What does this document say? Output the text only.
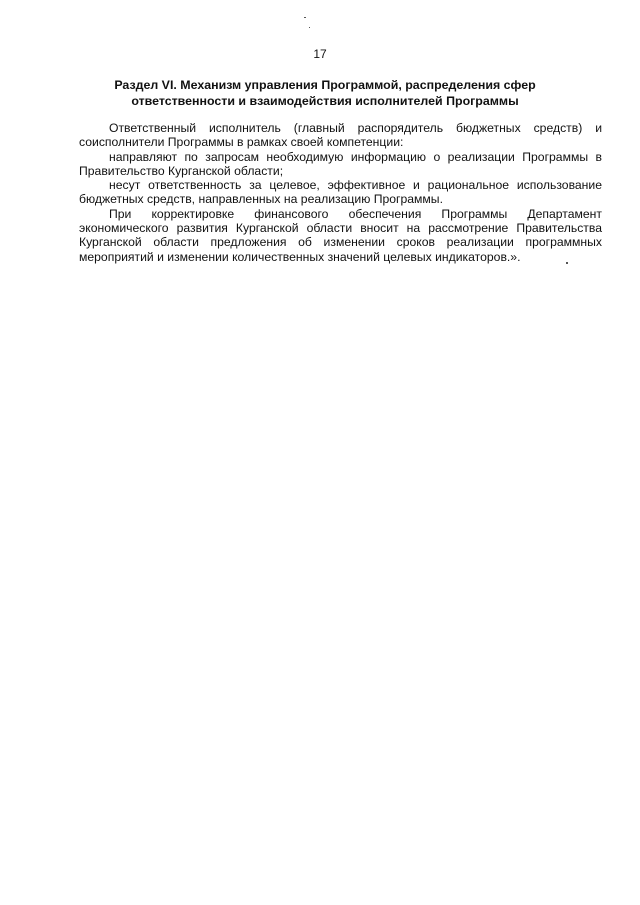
17
Раздел VI. Механизм управления Программой, распределения сфер
ответственности и взаимодействия исполнителей Программы

Ответственный исполнитель (главный распорядитель бюджетных средств) и соисполнители Программы в рамках своей компетенции:

направляют по запросам необходимую информацию о реализации Программы в Правительство Курганской области;

несут ответственность за целевое, эффективное и рациональное использование бюджетных средств, направленных на реализацию Программы.

При корректировке финансового обеспечения Программы Департамент экономического развития Курганской области вносит на рассмотрение Правительства Курганской области предложения об изменении сроков реализации программных мероприятий и изменении количественных значений целевых индикаторов.».
